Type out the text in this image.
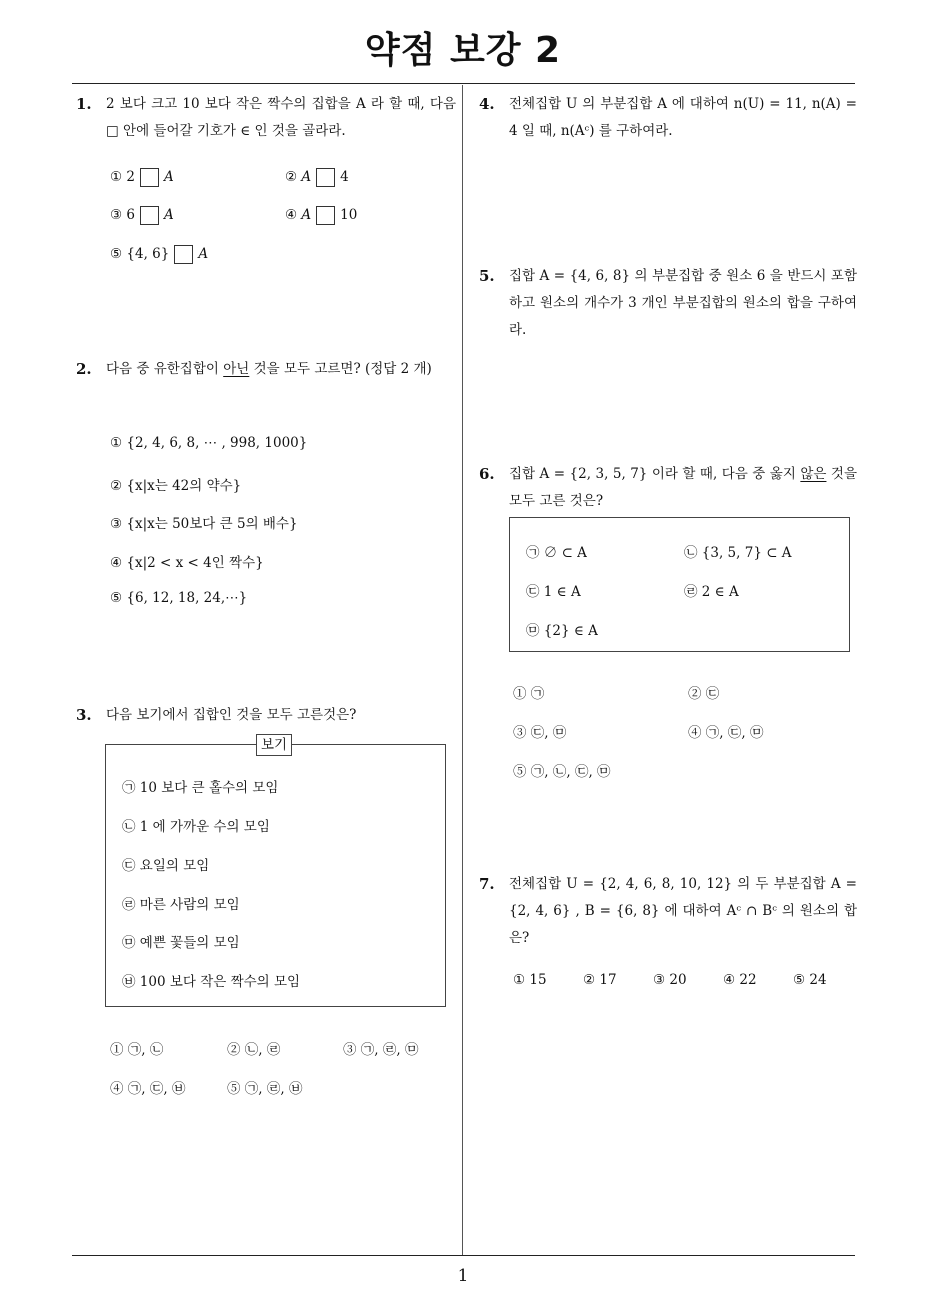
약점 보강 2
1. 2 보다 크고 10 보다 작은 짝수의 집합을 A 라 할 때, 다음 □ 안에 들어갈 기호가 ∈ 인 것을 골라라.
① 2 A	② A 4
③ 6 A	④ A 10
⑤ {4, 6} A
2. 다음 중 유한집합이 아닌 것을 모두 고르면? (정답 2 개)
① {2, 4, 6, 8, ⋯ , 998, 1000}
② {x|x는 42의 약수}
③ {x|x는 50보다 큰 5의 배수}
④ {x|2 < x < 4인 짝수}
⑤ {6, 12, 18, 24,⋯}
3. 다음 보기에서 집합인 것을 모두 고른것은?
보기
㉠ 10 보다 큰 홀수의 모임
㉡ 1 에 가까운 수의 모임
㉢ 요일의 모임
㉣ 마른 사람의 모임
㉤ 예쁜 꽃들의 모임
㉥ 100 보다 작은 짝수의 모임
① ㉠, ㉡	② ㉡, ㉣	③ ㉠, ㉣, ㉤
④ ㉠, ㉢, ㉥	⑤ ㉠, ㉣, ㉥
4. 전체집합 U 의 부분집합 A 에 대하여 n(U) = 11, n(A) = 4 일 때, n(Aᶜ) 를 구하여라.
5. 집합 A = {4, 6, 8} 의 부분집합 중 원소 6 을 반드시 포함하고 원소의 개수가 3 개인 부분집합의 원소의 합을 구하여라.
6. 집합 A = {2, 3, 5, 7} 이라 할 때, 다음 중 옳지 않은 것을 모두 고른 것은?
㉠ ∅ ⊂ A	㉡ {3, 5, 7} ⊂ A
㉢ 1 ∈ A	㉣ 2 ∈ A
㉤ {2} ∈ A
① ㉠	② ㉢
③ ㉢, ㉤	④ ㉠, ㉢, ㉤
⑤ ㉠, ㉡, ㉢, ㉤
7. 전체집합 U = {2, 4, 6, 8, 10, 12} 의 두 부분집합 A = {2, 4, 6} , B = {6, 8} 에 대하여 Aᶜ ∩ Bᶜ 의 원소의 합은?
① 15	② 17	③ 20	④ 22	⑤ 24
1
